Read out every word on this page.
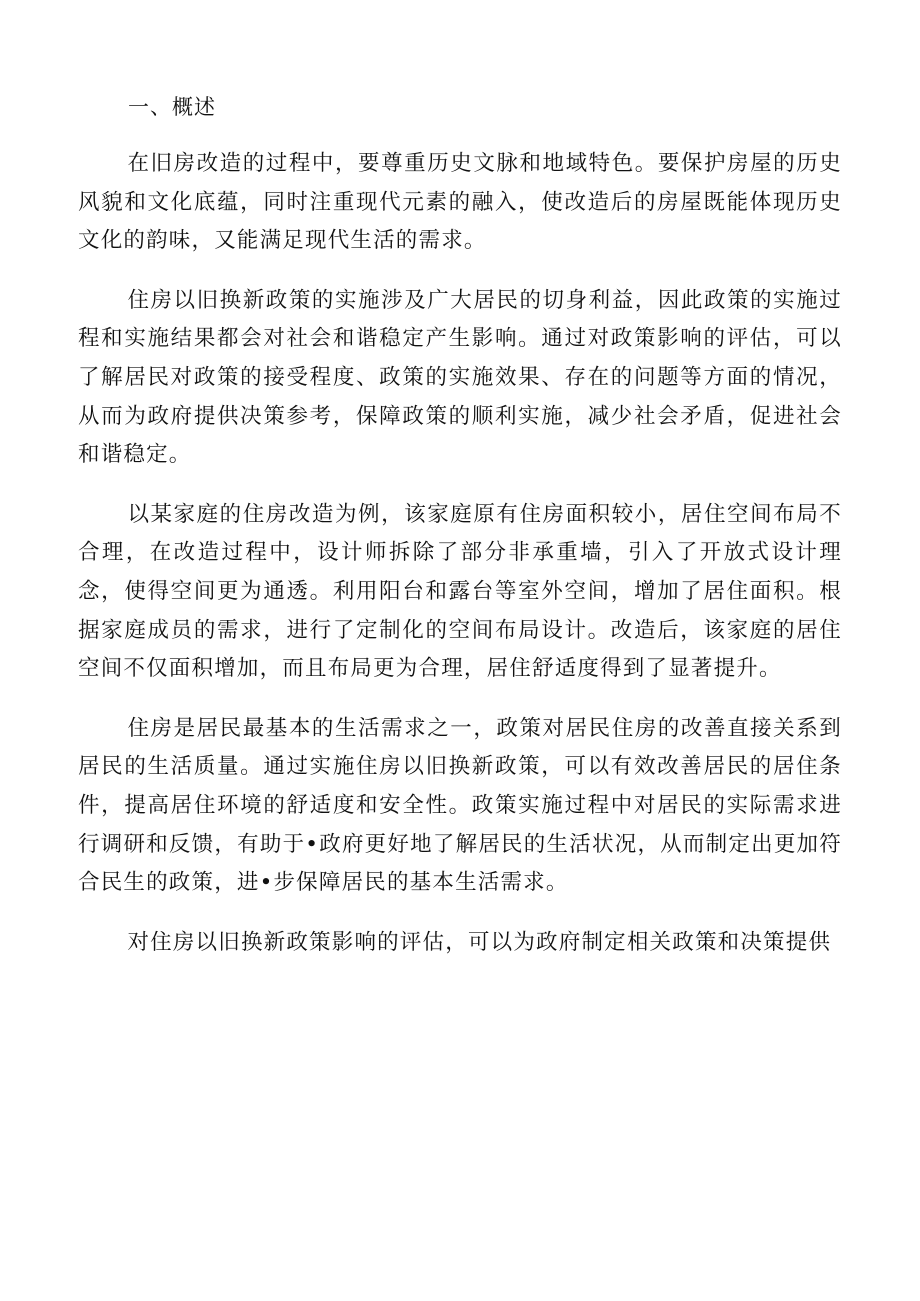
一、概述

在旧房改造的过程中，要尊重历史文脉和地域特色。要保护房屋的历史风貌和文化底蕴，同时注重现代元素的融入，使改造后的房屋既能体现历史文化的韵味，又能满足现代生活的需求。

住房以旧换新政策的实施涉及广大居民的切身利益，因此政策的实施过程和实施结果都会对社会和谐稳定产生影响。通过对政策影响的评估，可以了解居民对政策的接受程度、政策的实施效果、存在的问题等方面的情况，从而为政府提供决策参考，保障政策的顺利实施，减少社会矛盾，促进社会和谐稳定。

以某家庭的住房改造为例，该家庭原有住房面积较小，居住空间布局不合理，在改造过程中，设计师拆除了部分非承重墙，引入了开放式设计理念，使得空间更为通透。利用阳台和露台等室外空间，增加了居住面积。根据家庭成员的需求，进行了定制化的空间布局设计。改造后，该家庭的居住空间不仅面积增加，而且布局更为合理，居住舒适度得到了显著提升。

住房是居民最基本的生活需求之一，政策对居民住房的改善直接关系到居民的生活质量。通过实施住房以旧换新政策，可以有效改善居民的居住条件，提高居住环境的舒适度和安全性。政策实施过程中对居民的实际需求进行调研和反馈，有助于•政府更好地了解居民的生活状况，从而制定出更加符合民生的政策，进•步保障居民的基本生活需求。

对住房以旧换新政策影响的评估，可以为政府制定相关政策和决策提供
